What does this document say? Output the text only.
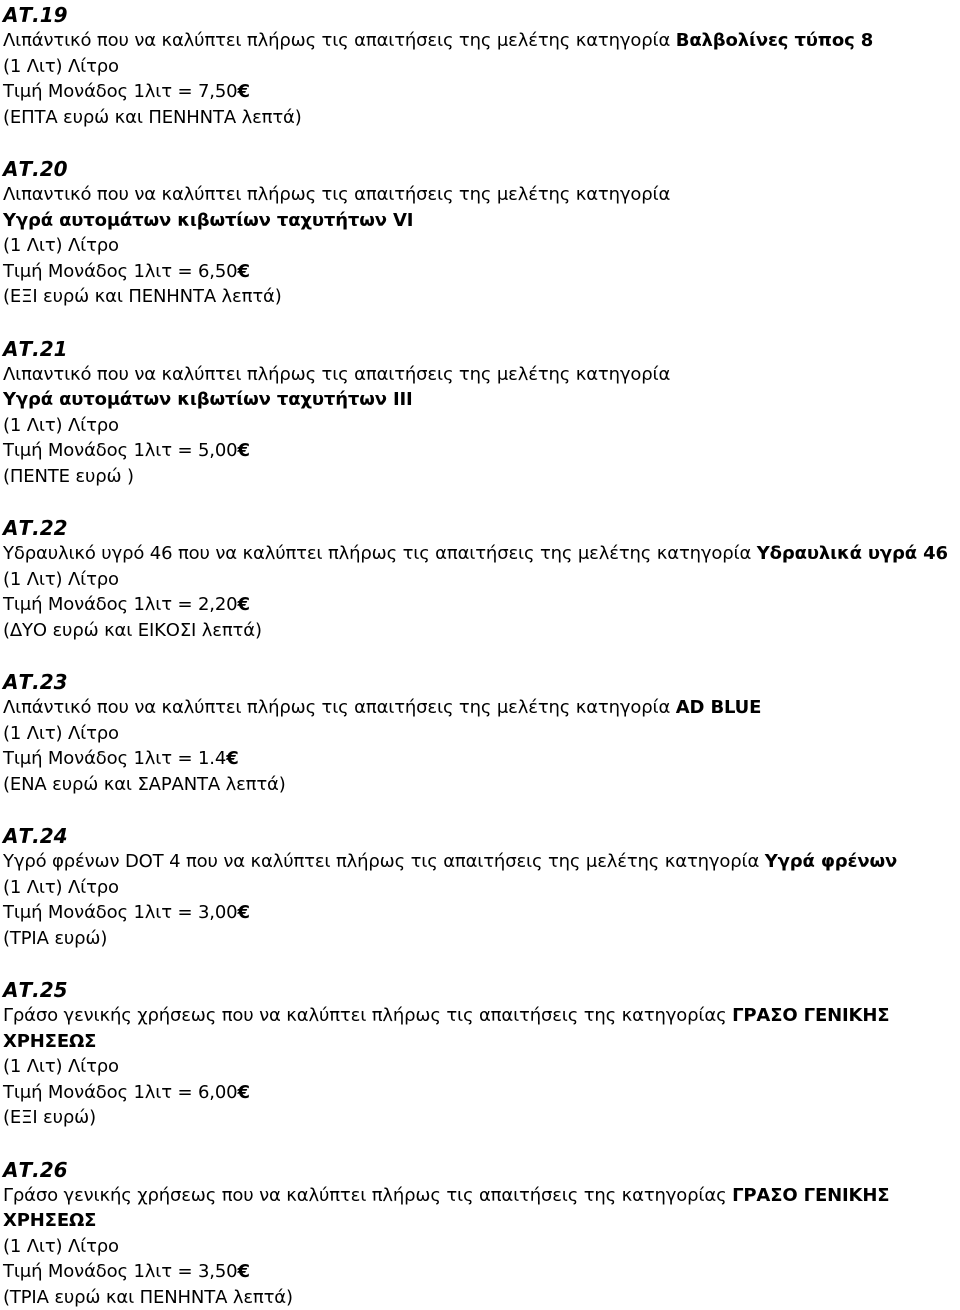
ΑΤ.19
Λιπάντικό που να καλύπτει πλήρως τις απαιτήσεις της μελέτης κατηγορία Βαλβολίνες τύπος 8
(1 Λιτ) Λίτρο
Τιμή Μονάδος 1λιτ = 7,50€
(ΕΠΤΑ ευρώ και ΠΕΝΗΝΤΑ λεπτά)
ΑΤ.20
Λιπαντικό που να καλύπτει πλήρως τις απαιτήσεις της μελέτης κατηγορία
Υγρά αυτομάτων κιβωτίων ταχυτήτων VI
(1 Λιτ) Λίτρο
Τιμή Μονάδος 1λιτ = 6,50€
(ΕΞΙ ευρώ και ΠΕΝΗΝΤΑ λεπτά)
ΑΤ.21
Λιπαντικό που να καλύπτει πλήρως τις απαιτήσεις της μελέτης κατηγορία
Υγρά αυτομάτων κιβωτίων ταχυτήτων ΙΙΙ
(1 Λιτ) Λίτρο
Τιμή Μονάδος 1λιτ = 5,00€
(ΠΕΝΤΕ ευρώ )
ΑΤ.22
Υδραυλικό υγρό 46 που να καλύπτει πλήρως τις απαιτήσεις της μελέτης κατηγορία Υδραυλικά υγρά 46
(1 Λιτ) Λίτρο
Τιμή Μονάδος 1λιτ = 2,20€
(ΔΥΟ ευρώ και ΕΙΚΟΣΙ λεπτά)
ΑΤ.23
Λιπάντικό που να καλύπτει πλήρως τις απαιτήσεις της μελέτης κατηγορία AD BLUE
(1 Λιτ) Λίτρο
Τιμή Μονάδος 1λιτ = 1.4€
(ΕΝΑ ευρώ και ΣΑΡΑΝΤΑ λεπτά)
ΑΤ.24
Υγρό φρένων DOT 4 που να καλύπτει πλήρως τις απαιτήσεις της μελέτης κατηγορία Υγρά φρένων
(1 Λιτ) Λίτρο
Τιμή Μονάδος 1λιτ = 3,00€
(ΤΡΙΑ ευρώ)
ΑΤ.25
Γράσο γενικής χρήσεως που να καλύπτει πλήρως τις απαιτήσεις της κατηγορίας ΓΡΑΣΟ ΓΕΝΙΚΗΣ ΧΡΗΣΕΩΣ
(1 Λιτ) Λίτρο
Τιμή Μονάδος 1λιτ = 6,00€
(ΕΞΙ ευρώ)
ΑΤ.26
Γράσο γενικής χρήσεως που να καλύπτει πλήρως τις απαιτήσεις της κατηγορίας ΓΡΑΣΟ ΓΕΝΙΚΗΣ ΧΡΗΣΕΩΣ
(1 Λιτ) Λίτρο
Τιμή Μονάδος 1λιτ = 3,50€
(ΤΡΙΑ ευρώ και ΠΕΝΗΝΤΑ λεπτά)
